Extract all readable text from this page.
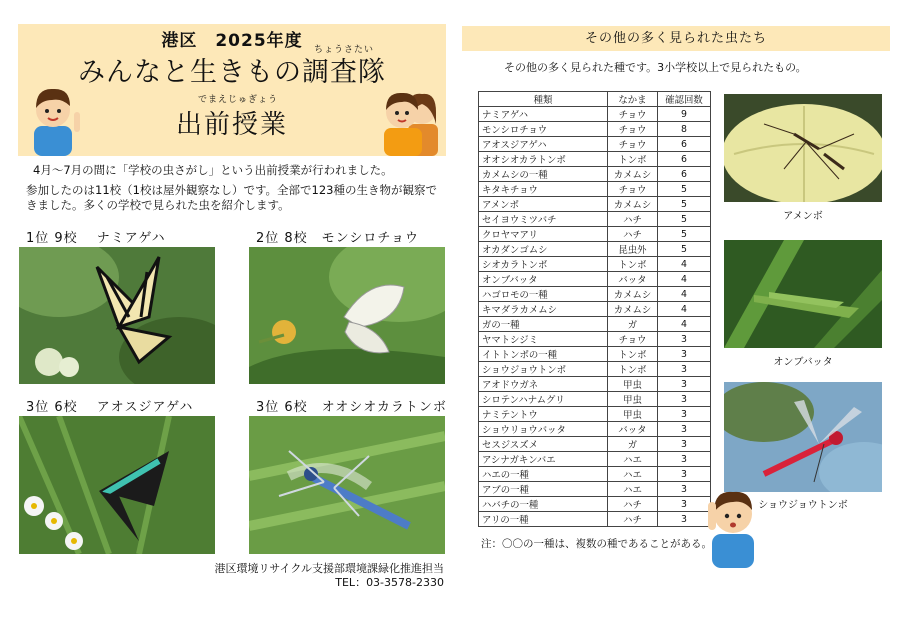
港区　2025年度	ちょうさたい
みんなと生きもの調査隊
でまえじゅぎょう
出前授業
4月～7月の間に「学校の虫さがし」という出前授業が行われました。
参加したのは11校（1校は屋外観察なし）です。全部で123種の生き物が観察できました。多くの学校で見られた虫を紹介します。
1位 9校　 ナミアゲハ	2位 8校　モンシロチョウ
3位 6校　 アオスジアゲハ	3位 6校　オオシオカラトンボ
港区環境リサイクル支援部環境課緑化推進担当
TEL：03-3578-2330
その他の多く見られた虫たち
その他の多く見られた種です。3小学校以上で見られたもの。
種類	なかま	確認回数
ナミアゲハ	チョウ	9
モンシロチョウ	チョウ	8
アオスジアゲハ	チョウ	6
オオシオカラトンボ	トンボ	6
カメムシの一種	カメムシ	6
キタキチョウ	チョウ	5
アメンボ	カメムシ	5
セイヨウミツバチ	ハチ	5
クロヤマアリ	ハチ	5
オカダンゴムシ	昆虫外	5
シオカラトンボ	トンボ	4
オンブバッタ	バッタ	4
ハゴロモの一種	カメムシ	4
キマダラカメムシ	カメムシ	4
ガの一種	ガ	4
ヤマトシジミ	チョウ	3
イトトンボの一種	トンボ	3
ショウジョウトンボ	トンボ	3
アオドウガネ	甲虫	3
シロテンハナムグリ	甲虫	3
ナミテントウ	甲虫	3
ショウリョウバッタ	バッタ	3
セスジスズメ	ガ	3
アシナガキンバエ	ハエ	3
ハエの一種	ハエ	3
アブの一種	ハエ	3
ハバチの一種	ハチ	3
アリの一種	ハチ	3
注：〇〇の一種は、複数の種であることがある。
アメンボ
オンブバッタ
ショウジョウトンボ
